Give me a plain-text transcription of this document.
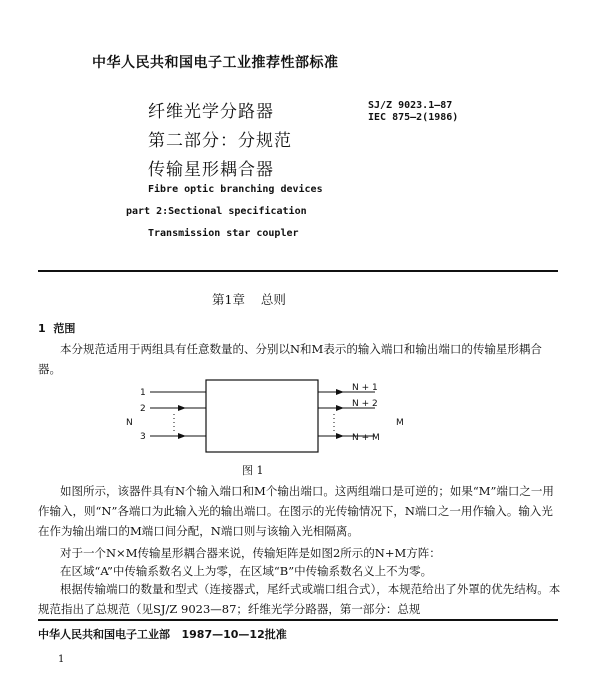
中华人民共和国电子工业推荐性部标准
纤维光学分路器
第二部分：分规范
传输星形耦合器
SJ/Z 9023.1—87
IEC 875—2(1986)
Fibre optic branching devices
part 2:Sectional specification
Transmission star coupler
第1章    总则
1  范围
本分规范适用于两组具有任意数量的、分别以N和M表示的输入端口和输出端口的传输星形耦合器。
1
2
N
3
N + 1
N + 2
M
N + M
图 1
如图所示，该器件具有N个输入端口和M个输出端口。这两组端口是可逆的；如果“M”端口之一用作输入，则“N”各端口为此输入光的输出端口。在图示的光传输情况下，N端口之一用作输入。输入光在作为输出端口的M端口间分配，N端口则与该输入光相隔离。
对于一个N×M传输星形耦合器来说，传输矩阵是如图2所示的N+M方阵：
在区域“A”中传输系数名义上为零，在区域“B”中传输系数名义上不为零。
根据传输端口的数量和型式（连接器式，尾纤式或端口组合式），本规范给出了外罩的优先结构。本规范指出了总规范（见SJ/Z 9023—87；纤维光学分路器，第一部分：总规
中华人民共和国电子工业部   1987—10—12批准
1
